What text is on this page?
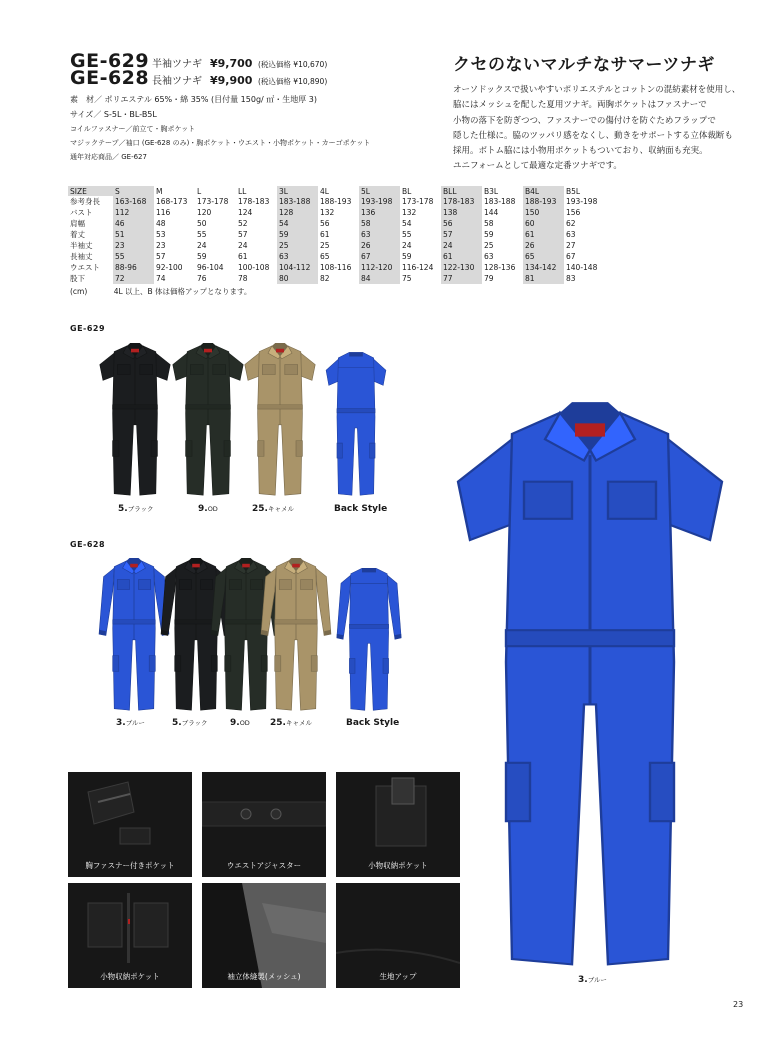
GE-629 半袖ツナギ ¥9,700 (税込価格 ¥10,670)
GE-628 長袖ツナギ ¥9,900 (税込価格 ¥10,890)
素　材／ ポリエステル 65%・綿 35% (目付量 150g/ ㎡・生地厚 3)
サイズ／ S-5L・BL-B5L
コイルファスナー／前立て・胸ポケット
マジックテープ／袖口 (GE-628 のみ)・胸ポケット・ウエスト・小物ポケット・カーゴポケット
通年対応商品／ GE-627
クセのないマルチなサマーツナギ
オーソドックスで扱いやすいポリエステルとコットンの混紡素材を使用し、
脇にはメッシュを配した夏用ツナギ。両胸ポケットはファスナーで
小物の落下を防ぎつつ、ファスナーでの傷付けを防ぐためフラップで
隠した仕様に。脇のツッパリ感をなくし、動きをサポートする立体裁断も
採用。ボトム脇には小物用ポケットもついており、収納面も充実。
ユニフォームとして最適な定番ツナギです。
SIZE	S	M	L	LL	3L	4L	5L	BL	BLL	B3L	B4L	B5L
参考身長	163-168	168-173	173-178	178-183	183-188	188-193	193-198	173-178	178-183	183-188	188-193	193-198
バスト	112	116	120	124	128	132	136	132	138	144	150	156
肩幅	46	48	50	52	54	56	58	54	56	58	60	62
着丈	51	53	55	57	59	61	63	55	57	59	61	63
半袖丈	23	23	24	24	25	25	26	24	24	25	26	27
長袖丈	55	57	59	61	63	65	67	59	61	63	65	67
ウエスト	88-96	92-100	96-104	100-108	104-112	108-116	112-120	116-124	122-130	128-136	134-142	140-148
股下	72	74	76	78	80	82	84	75	77	79	81	83
(cm)	4L 以上、B 体は価格アップとなります。
GE-629
GE-628
5.ブラック	9.OD	25.キャメル	Back Style
3.ブルー	5.ブラック 9.OD 25.キャメル	Back Style
3.ブルー
胸ファスナー付きポケット	ウエストアジャスター	小物収納ポケット
小物収納ポケット	袖立体縫製(メッシュ)	生地アップ
23
